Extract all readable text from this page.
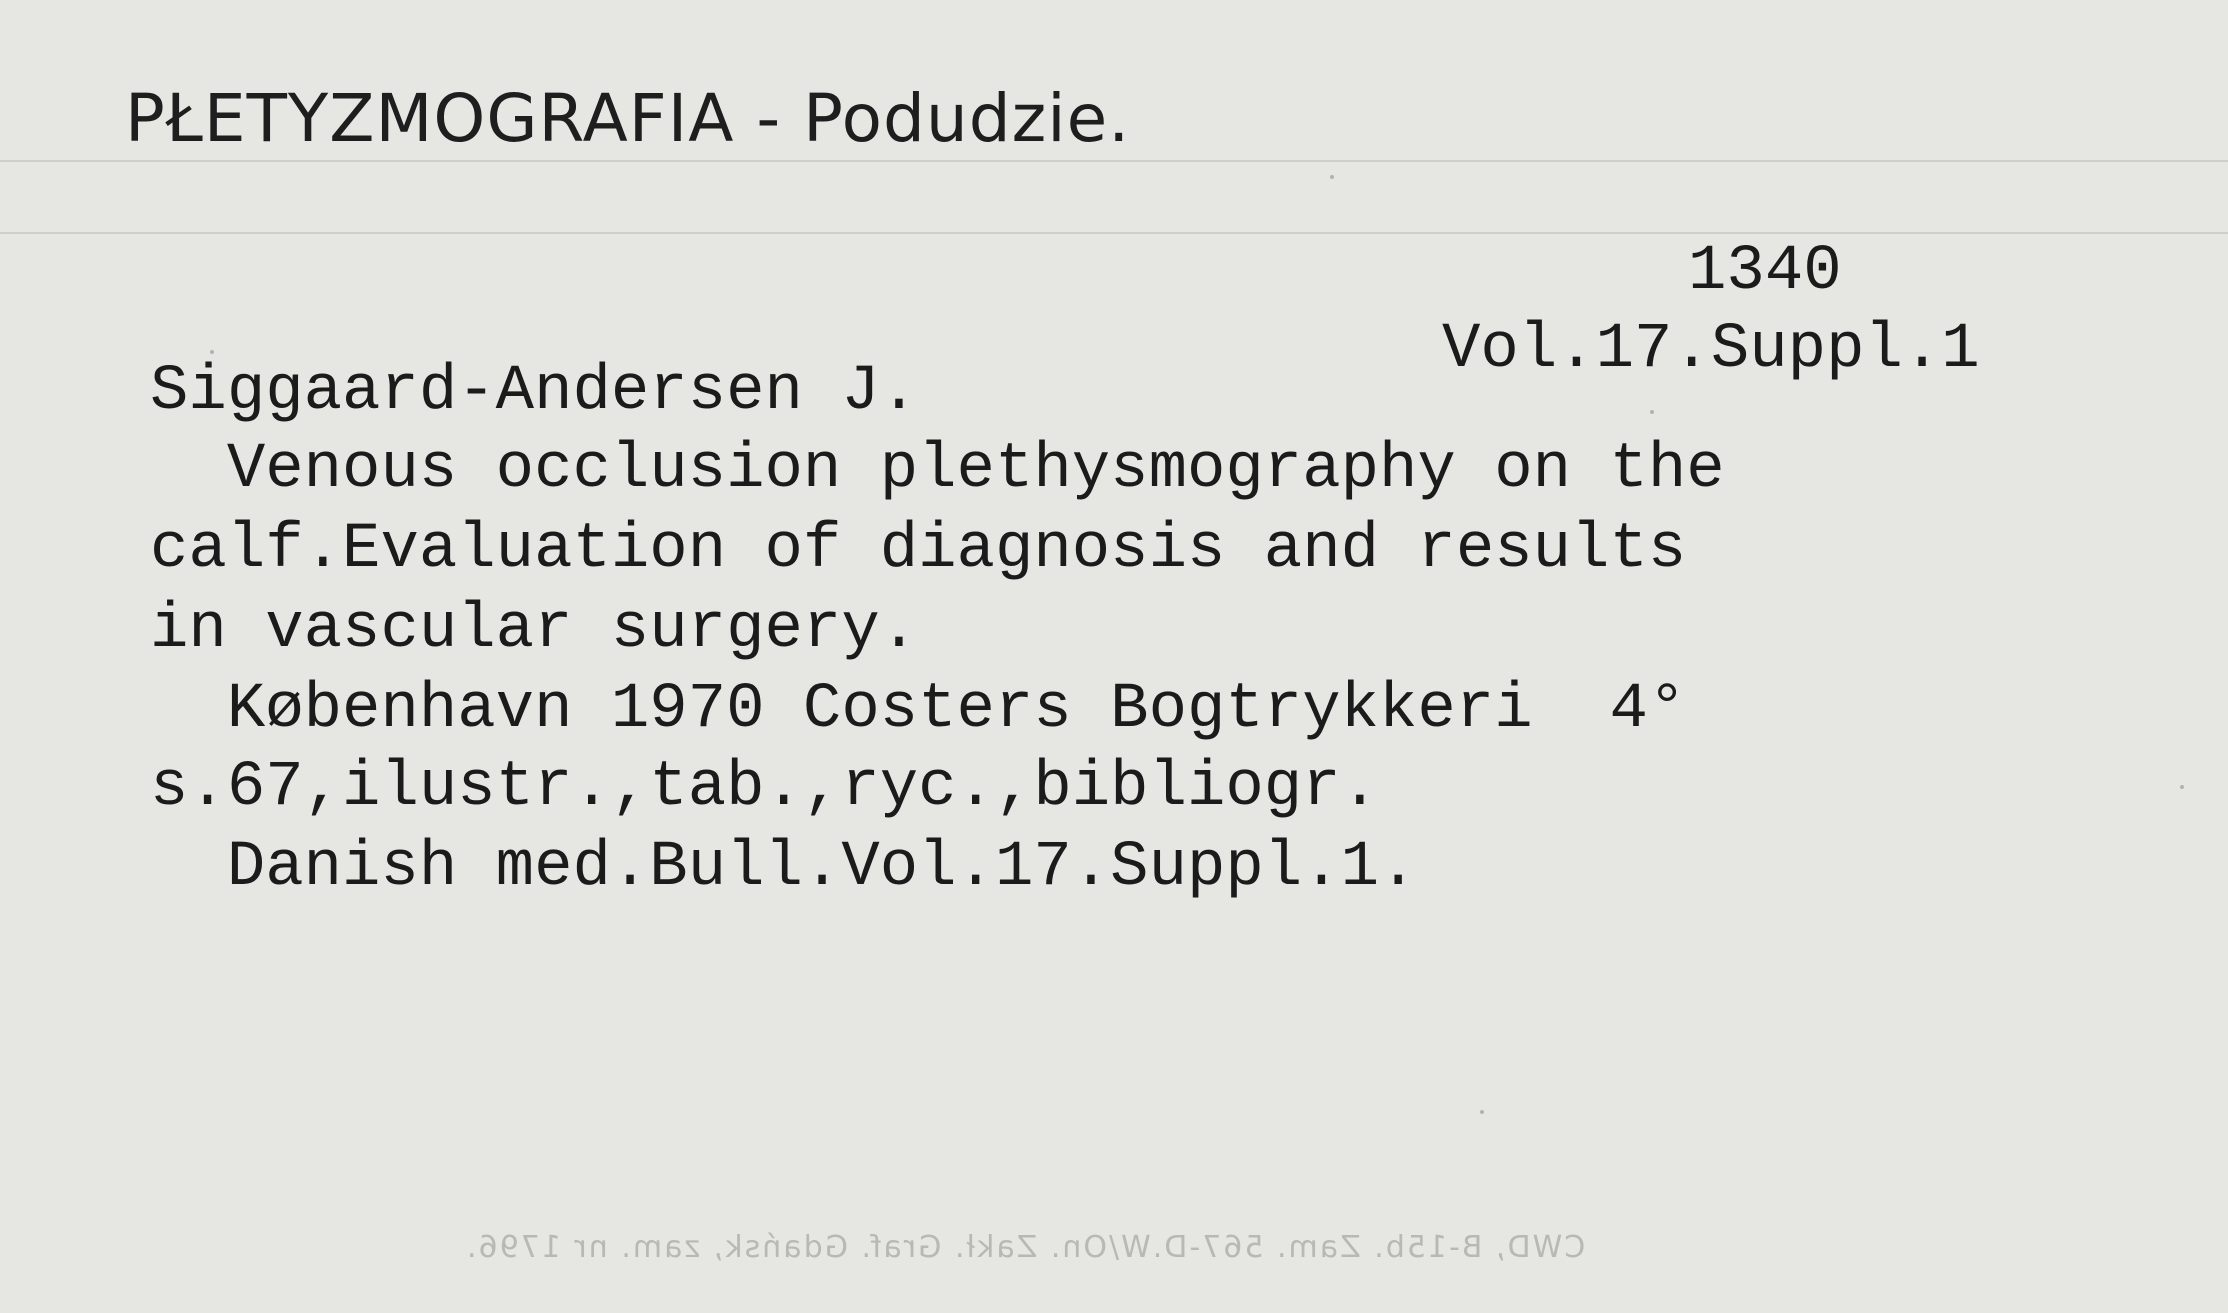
PŁETYZMOGRAFIA - Podudzie.
1340
Vol.17.Suppl.1
Siggaard-Andersen J.
Venous occlusion plethysmography on the
calf.Evaluation of diagnosis and results
in vascular surgery.
København 1970 Costers Bogtrykkeri  4°
s.67,ilustr.,tab.,ryc.,bibliogr.
Danish med.Bull.Vol.17.Suppl.1.
CWD, B-15b. Zam. 567-D.W/On. Zakł. Graf. Gdańsk, zam. nr 1796.
